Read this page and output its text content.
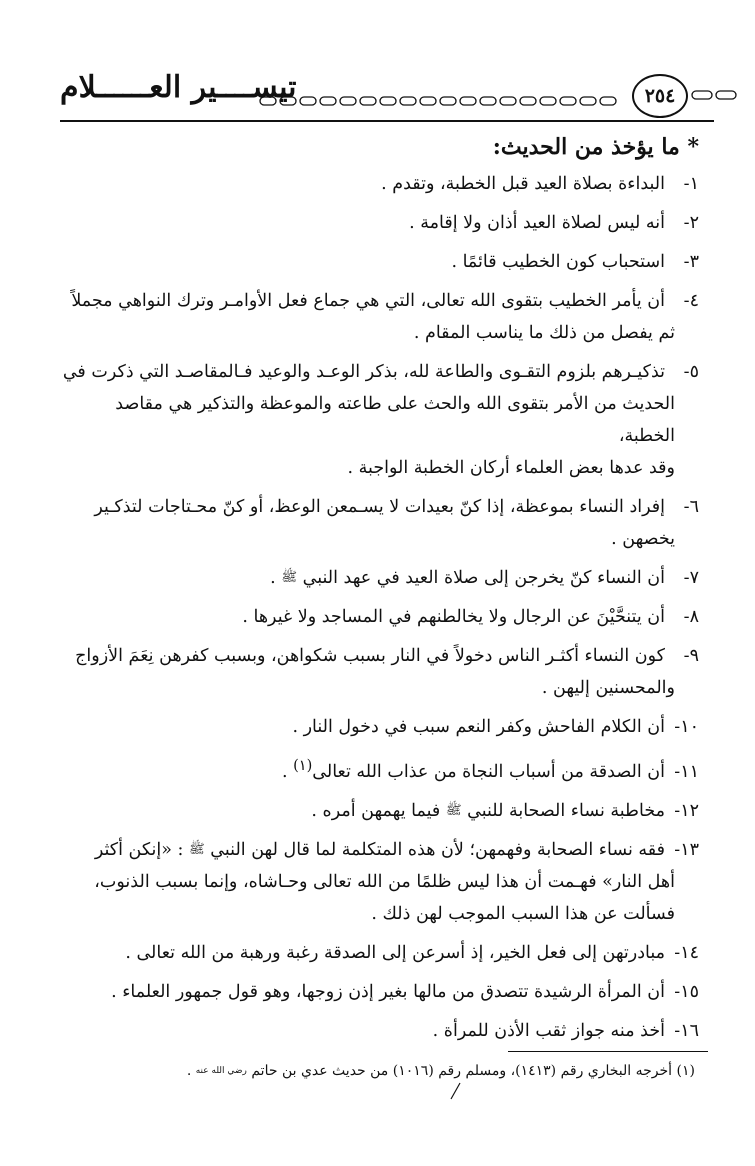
تيســــير العــــــلام	٢٥٤
* ما يؤخذ من الحديث:
١-البداءة بصلاة العيد قبل الخطبة، وتقدم .
٢-أنه ليس لصلاة العيد أذان ولا إقامة .
٣-استحباب كون الخطيب قائمًا .
٤-أن يأمر الخطيب بتقوى الله تعالى، التي هي جماع فعل الأوامـر وترك النواهي مجملاً
ثم يفصل من ذلك ما يناسب المقام .
٥-تذكيـرهم بلزوم التقـوى والطاعة لله، بذكر الوعـد والوعيد فـالمقاصـد التي ذكرت في
الحديث من الأمر بتقوى الله والحث على طاعته والموعظة والتذكير هي مقاصد الخطبة،
وقد عدها بعض العلماء أركان الخطبة الواجبة .
٦-إفراد النساء بموعظة، إذا كنّ بعيدات لا يسـمعن الوعظ، أو كنّ محـتاجات لتذكـير
يخصهن .
٧-أن النساء كنّ يخرجن إلى صلاة العيد في عهد النبي ﷺ .
٨-أن يتنحَّيْنَ عن الرجال ولا يخالطنهم في المساجد ولا غيرها .
٩-كون النساء أكثـر الناس دخولاً في النار بسبب شكواهن، وبسبب كفرهن نِعَمَ الأزواج
والمحسنين إليهن .
١٠-أن الكلام الفاحش وكفر النعم سبب في دخول النار .
١١-أن الصدقة من أسباب النجاة من عذاب الله تعالى$^{(١)}$ .
١٢-مخاطبة نساء الصحابة للنبي ﷺ فيما يهمهن أمره .
١٣-فقه نساء الصحابة وفهمهن؛ لأن هذه المتكلمة لما قال لهن النبي ﷺ : «إنكن أكثر
أهل النار» فهـمت أن هذا ليس ظلمًا من الله تعالى وحـاشاه، وإنما بسبب الذنوب،
فسألت عن هذا السبب الموجب لهن ذلك .
١٤-مبادرتهن إلى فعل الخير، إذ أسرعن إلى الصدقة رغبة ورهبة من الله تعالى .
١٥-أن المرأة الرشيدة تتصدق من مالها بغير إذن زوجها، وهو قول جمهور العلماء .
١٦-أخذ منه جواز ثقب الأذن للمرأة .
(١) أخرجه البخاري رقم (١٤١٣)، ومسلم رقم (١٠١٦) من حديث عدي بن حاتم رضي الله عنه .
